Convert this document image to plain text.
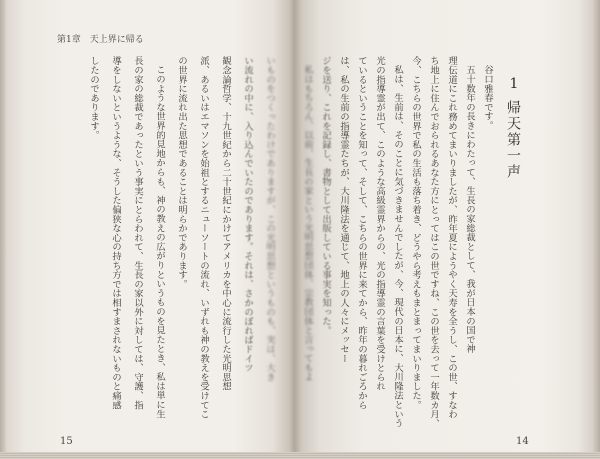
第1章　天上界に帰る
いものをつくったわけでありますが、この光明思想というものも、実は、大き
い流れの中に、入り込んでいたのであります。それは、さかのぼればドイツ
観念論哲学、十九世紀から二十世紀にかけてアメリカを中心に流行した光明思想
派、あるいはエマソンを始祖とするニューソートの流れ、いずれも神の教えを受けてこ
の世界に流れ出た思想であることは明らかであります。
このような世界的見地からも、神の教えの広がりというものを見たとき、私は単に生
長の家の総裁であったという事実にとらわれて、生長の家以外に対しては、守護、指
導をしないというような、そうした偏狭な心の持ち方では相すまされないものと痛感
したのであります。
15
1
帰天第一声
谷口雅春です。
五十数年の長きにわたって、生長の家総裁として、我が日本の国で神
理伝道にこれ務めてまいりましたが、昨年夏にようやく天寿を全うし、この世、すなわ
ち地上に住んでおられるあなた方にとってはこの世ですね、この世を去って一年数カ月、
今、こちらの世界で私の生活も落ち着き、どうやら考えもまとまってまいりました。
私は、生前は、そのことに気づきませんでしたが、今、現代の日本に、大川隆法という
光の指導霊が出て、このような高級霊界からの、光の指導霊の言葉を受けとられ
ているということを知って、そして、こちらの世界に来てから、昨年の暮れごろから
は、私の生前の指導霊たちが、大川隆法を通じて、地上の人々にメッセー
ジを送り、これを記録し、書物として出版している事実を知った。
私はもちろん、以前、生長の家という光明思想団体、宗教団体と言ってもよ
14
